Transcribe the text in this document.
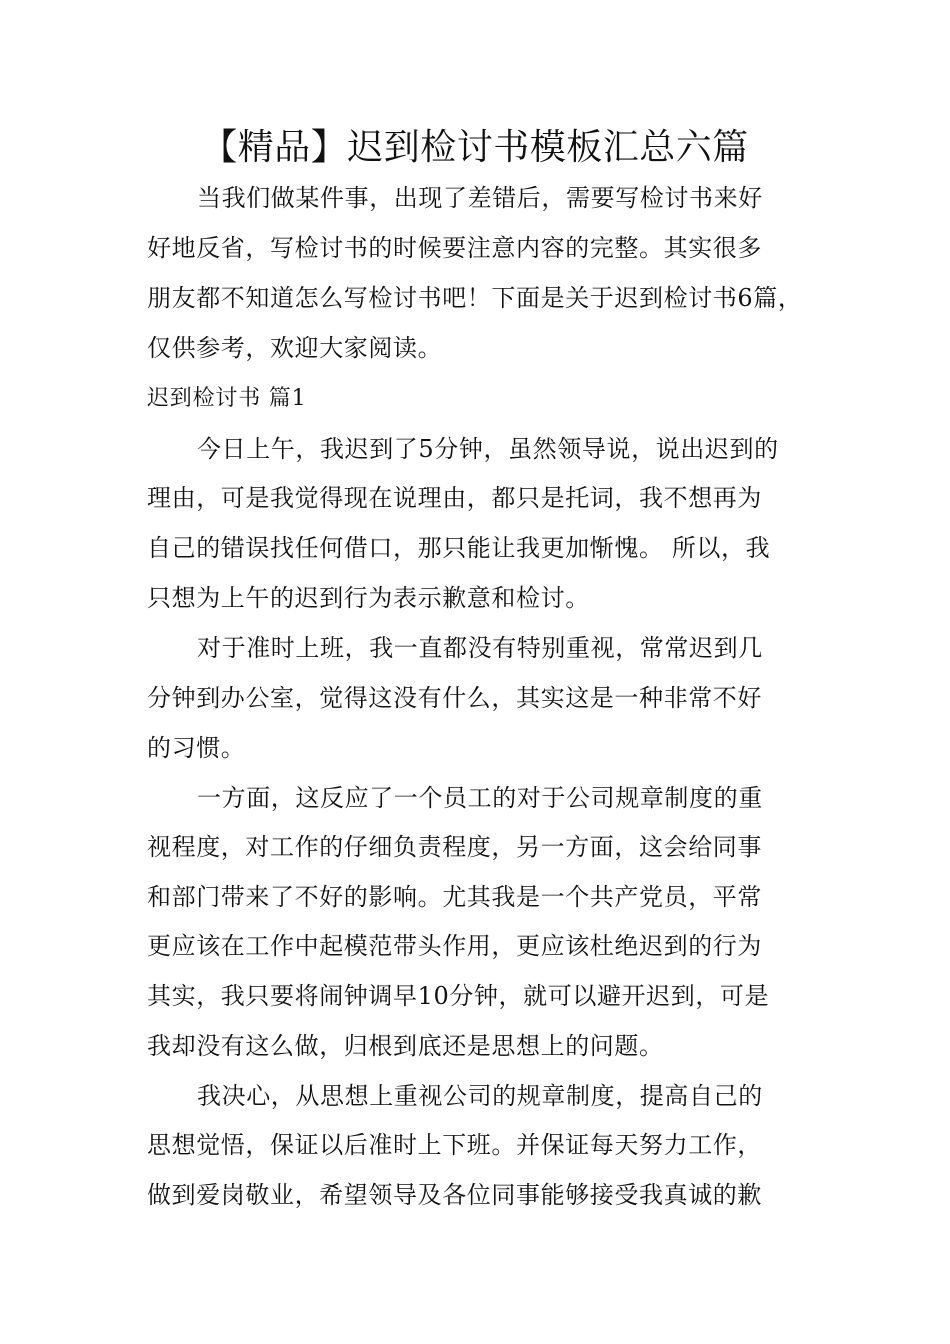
【精品】迟到检讨书模板汇总六篇
当我们做某件事，出现了差错后，需要写检讨书来好
好地反省，写检讨书的时候要注意内容的完整。其实很多
朋友都不知道怎么写检讨书吧！下面是关于迟到检讨书6篇，
仅供参考，欢迎大家阅读。
迟到检讨书 篇1
今日上午，我迟到了5分钟，虽然领导说，说出迟到的
理由，可是我觉得现在说理由，都只是托词，我不想再为
自己的错误找任何借口，那只能让我更加惭愧。 所以，我
只想为上午的迟到行为表示歉意和检讨。
对于准时上班，我一直都没有特别重视，常常迟到几
分钟到办公室，觉得这没有什么，其实这是一种非常不好
的习惯。
一方面，这反应了一个员工的对于公司规章制度的重
视程度，对工作的仔细负责程度，另一方面，这会给同事
和部门带来了不好的影响。尤其我是一个共产党员，平常
更应该在工作中起模范带头作用，更应该杜绝迟到的行为
其实，我只要将闹钟调早10分钟，就可以避开迟到，可是
我却没有这么做，归根到底还是思想上的问题。
我决心，从思想上重视公司的规章制度，提高自己的
思想觉悟，保证以后准时上下班。并保证每天努力工作，
做到爱岗敬业，希望领导及各位同事能够接受我真诚的歉
